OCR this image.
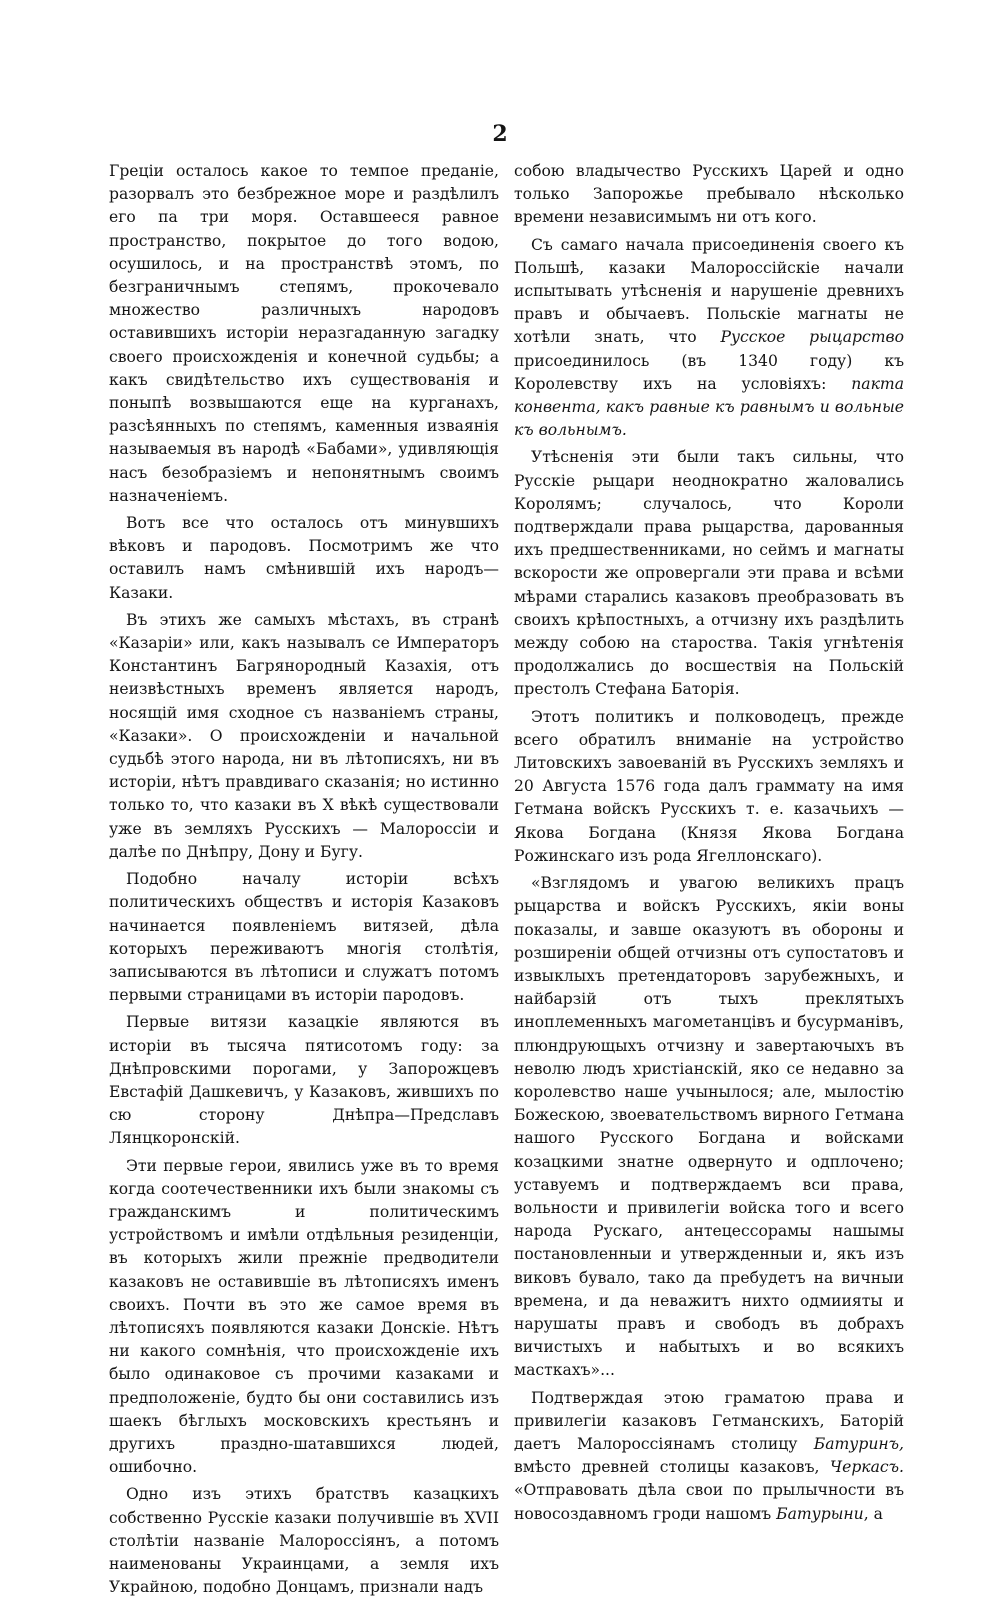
2

Греціи осталось какое то темпое преданіе, разорвалъ это безбрежное море и раздѣлилъ его па три моря. Оставшееся равное пространство, покрытое до того водою, осушилось, и на пространствѣ этомъ, по безграничнымъ степямъ, прокочевало множество различныхъ народовъ оставившихъ исторіи неразгаданную загадку своего происхожденія и конечной судьбы; а какъ свидѣтельство ихъ существованія и поныпѣ возвышаются еще на курганахъ, разсѣянныхъ по степямъ, каменныя изваянія называемыя въ народѣ «Бабами», удивляющія насъ безобразіемъ и непонятнымъ своимъ назначеніемъ.

Вотъ все что осталось отъ минувшихъ вѣковъ и пародовъ. Посмотримъ же что оставилъ намъ смѣнившій ихъ народъ—Казаки.

Въ этихъ же самыхъ мѣстахъ, въ странѣ «Казаріи» или, какъ называлъ се Императоръ Константинъ Багрянородный Казахія, отъ неизвѣстныхъ временъ является народъ, носящій имя сходное съ названіемъ страны, «Казаки». О происхожденіи и начальной судьбѣ этого народа, ни въ лѣтописяхъ, ни въ исторіи, нѣтъ правдиваго сказанія; но истинно только то, что казаки въ X вѣкѣ существовали уже въ земляхъ Русскихъ — Малороссіи и далѣе по Днѣпру, Дону и Бугу.

Подобно началу исторіи всѣхъ политическихъ обществъ и исторія Казаковъ начинается появленіемъ витязей, дѣла которыхъ переживаютъ многія столѣтія, записываются въ лѣтописи и служатъ потомъ первыми страницами въ исторіи пародовъ.

Первые витязи казацкіе являются въ исторіи въ тысяча пятисотомъ году: за Днѣпровскими порогами, у Запорожцевъ Евстафій Дашкевичъ, у Казаковъ, жившихъ по сю сторону Днѣпра—Предславъ Лянцкоронскій.

Эти первые герои, явились уже въ то время когда соотечественники ихъ были знакомы съ гражданскимъ и политическимъ устройствомъ и имѣли отдѣльныя резиденціи, въ которыхъ жили прежніе предводители казаковъ не оставившіе въ лѣтописяхъ именъ своихъ. Почти въ это же самое время въ лѣтописяхъ появляются казаки Донскіе. Нѣтъ ни какого сомнѣнія, что происхожденіе ихъ было одинаковое съ прочими казаками и предположеніе, будто бы они составились изъ шаекъ бѣглыхъ московскихъ крестьянъ и другихъ праздно-шатавшихся людей, ошибочно.

Одно изъ этихъ братствъ казацкихъ собственно Русскіе казаки получившіе въ XVII столѣтіи названіе Малороссіянъ, а потомъ наименованы Украинцами, а земля ихъ Украйною, подобно Донцамъ, признали надъ

собою владычество Русскихъ Царей и одно только Запорожье пребывало нѣсколько времени независимымъ ни отъ кого.

Съ самаго начала присоединенія своего къ Польшѣ, казаки Малороссійскіе начали испытывать утѣсненія и нарушеніе древнихъ правъ и обычаевъ. Польскіе магнаты не хотѣли знать, что Русское рыцарство присоединилось (въ 1340 году) къ Королевству ихъ на условіяхъ: пакта конвента, какъ равные къ равнымъ и вольные къ вольнымъ.

Утѣсненія эти были такъ сильны, что Русскіе рыцари неоднократно жаловались Королямъ; случалось, что Короли подтверждали права рыцарства, дарованныя ихъ предшественниками, но сеймъ и магнаты вскорости же опровергали эти права и всѣми мѣрами старались казаковъ преобразовать въ своихъ крѣпостныхъ, а отчизну ихъ раздѣлить между собою на староства. Такія угнѣтенія продолжались до восшествія на Польскій престолъ Стефана Баторія.

Этотъ политикъ и полководецъ, прежде всего обратилъ вниманіе на устройство Литовскихъ завоеваній въ Русскихъ земляхъ и 20 Августа 1576 года далъ граммату на имя Гетмана войскъ Русскихъ т. е. казачьихъ — Якова Богдана (Князя Якова Богдана Рожинскаго изъ рода Ягеллонскаго).

«Взглядомъ и увагою великихъ працъ рыцарства и войскъ Русскихъ, якіи воны показалы, и завше оказуютъ въ обороны и розширеніи общей отчизны отъ супостатовъ и извыклыхъ претендаторовъ зарубежныхъ, и найбарзій отъ тыхъ преклятыхъ иноплеменныхъ магометанцівъ и бусурманівъ, плюндрующыхъ отчизну и завертаючыхъ въ неволю людъ христіанскій, яко се недавно за королевство наше учынылося; але, мылостію Божескою, звоевательствомъ вирного Гетмана нашого Русского Богдана и войсками козацкими знатне одвернуто и одплочено; уставуемъ и подтверждаемъ вси права, вольности и привилегіи войска того и всего народа Рускаго, антецессорамы нашымы постановленныи и утвержденныи и, якъ изъ виковъ бувало, тако да пребудетъ на вичныи времена, и да неважитъ нихто одмиияты и нарушаты правъ и свободъ въ добрахъ вичистыхъ и набытыхъ и во всякихъ масткахъ»...

Подтверждая этою граматою права и привилегіи казаковъ Гетманскихъ, Баторій даетъ Малороссіянамъ столицу Батуринъ, вмѣсто древней столицы казаковъ, Черкасъ. «Отправовать дѣла свои по прылычности въ новосоздавномъ гроди нашомъ Батурыни, а
